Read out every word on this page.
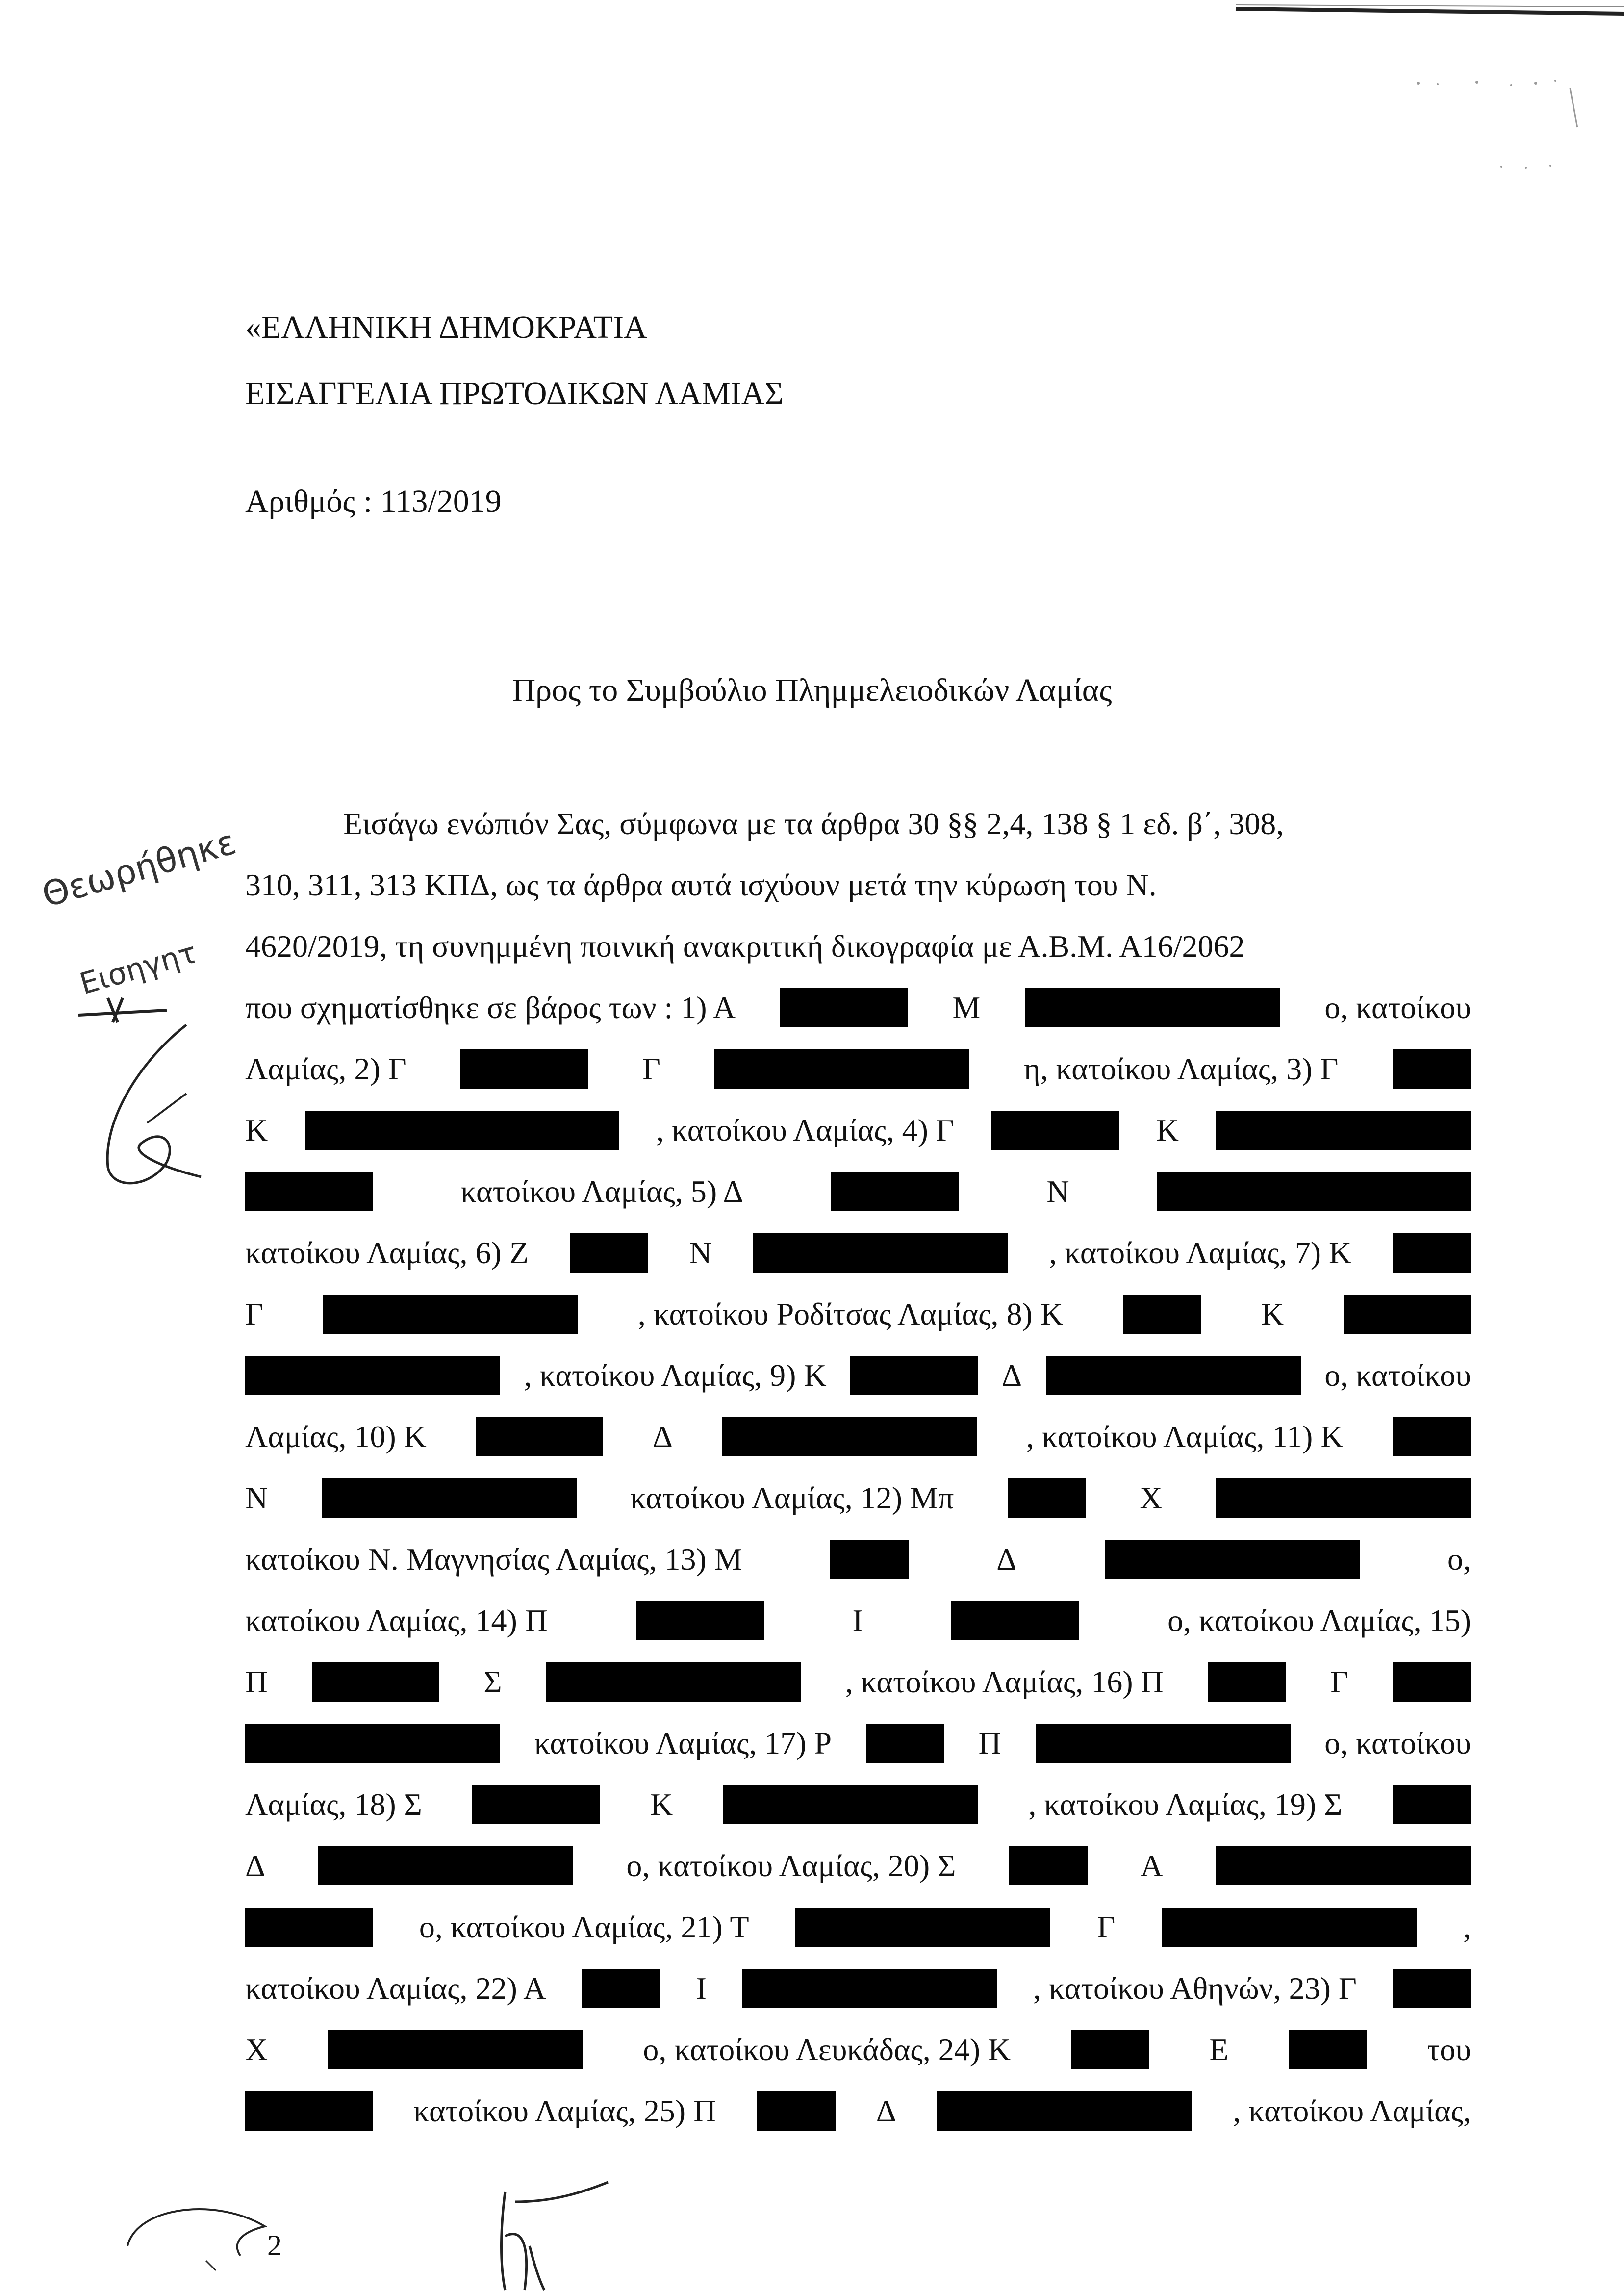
«ΕΛΛΗΝΙΚΗ ΔΗΜΟΚΡΑΤΙΑ
ΕΙΣΑΓΓΕΛΙΑ ΠΡΩΤΟΔΙΚΩΝ ΛΑΜΙΑΣ
Αριθμός : 113/2019
Προς το Συμβούλιο Πλημμελειοδικών Λαμίας
Θεωρήθηκε
Εισηγητ
Εισάγω ενώπιόν Σας, σύμφωνα με τα άρθρα 30 §§ 2,4, 138 § 1 εδ. β΄, 308,
310, 311, 313 ΚΠΔ, ως τα άρθρα αυτά ισχύουν μετά την κύρωση του Ν.
4620/2019, τη συνημμένη ποινική ανακριτική δικογραφία με Α.Β.Μ. Α16/2062
που σχηματίσθηκε σε βάρος των : 1) Α	Μ	ο, κατοίκου
Λαμίας, 2) Γ	Γ	η, κατοίκου Λαμίας, 3) Γ
Κ	, κατοίκου Λαμίας, 4) Γ	Κ
κατοίκου Λαμίας, 5) Δ	Ν
κατοίκου Λαμίας, 6) Ζ	Ν	, κατοίκου Λαμίας, 7) Κ
Γ	, κατοίκου Ροδίτσας Λαμίας, 8) Κ	Κ
, κατοίκου Λαμίας, 9) Κ	Δ	ο, κατοίκου
Λαμίας, 10) Κ	Δ	, κατοίκου Λαμίας, 11) Κ
Ν	κατοίκου Λαμίας, 12) Μπ	Χ
κατοίκου Ν. Μαγνησίας Λαμίας, 13) Μ	Δ	ο,
κατοίκου Λαμίας, 14) Π	Ι	ο, κατοίκου Λαμίας, 15)
Π	Σ	, κατοίκου Λαμίας, 16) Π	Γ
κατοίκου Λαμίας, 17) Ρ	Π	ο, κατοίκου
Λαμίας, 18) Σ	Κ	, κατοίκου Λαμίας, 19) Σ
Δ	ο, κατοίκου Λαμίας, 20) Σ	Α
ο, κατοίκου Λαμίας, 21) Τ	Γ	,
κατοίκου Λαμίας, 22) Α	Ι	, κατοίκου Αθηνών, 23) Γ
Χ	ο, κατοίκου Λευκάδας, 24) Κ	Ε	του
κατοίκου Λαμίας, 25) Π	Δ	, κατοίκου Λαμίας,
2
